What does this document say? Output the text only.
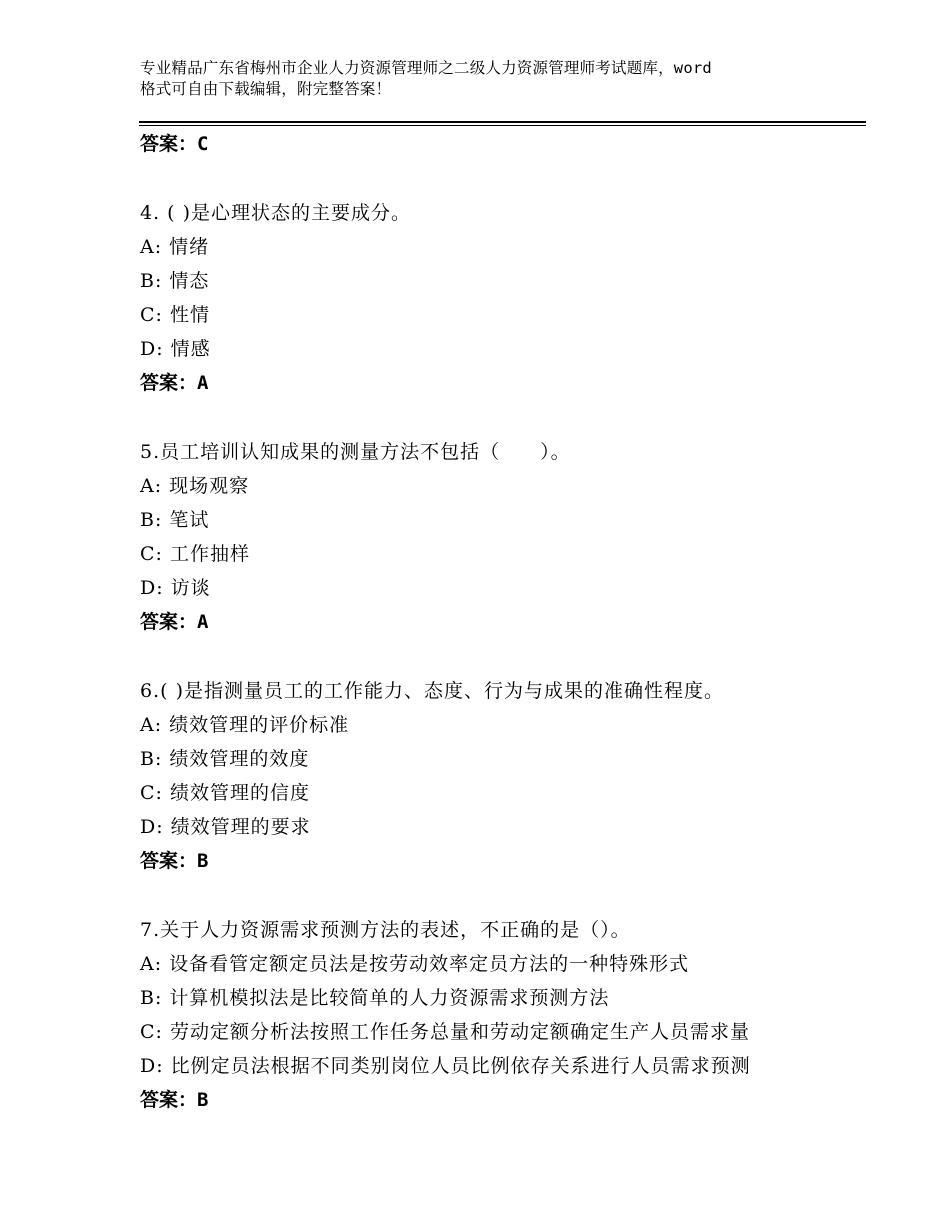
专业精品广东省梅州市企业人力资源管理师之二级人力资源管理师考试题库，word
格式可自由下载编辑，附完整答案！
答案：C
4. ( )是心理状态的主要成分。
A: 情绪
B: 情态
C: 性情
D: 情感
答案：A
5.员工培训认知成果的测量方法不包括（　　）。
A: 现场观察
B: 笔试
C: 工作抽样
D: 访谈
答案：A
6.( )是指测量员工的工作能力、态度、行为与成果的准确性程度。
A: 绩效管理的评价标准
B: 绩效管理的效度
C: 绩效管理的信度
D: 绩效管理的要求
答案：B
7.关于人力资源需求预测方法的表述，不正确的是（）。
A: 设备看管定额定员法是按劳动效率定员方法的一种特殊形式
B: 计算机模拟法是比较简单的人力资源需求预测方法
C: 劳动定额分析法按照工作任务总量和劳动定额确定生产人员需求量
D: 比例定员法根据不同类别岗位人员比例依存关系进行人员需求预测
答案：B
